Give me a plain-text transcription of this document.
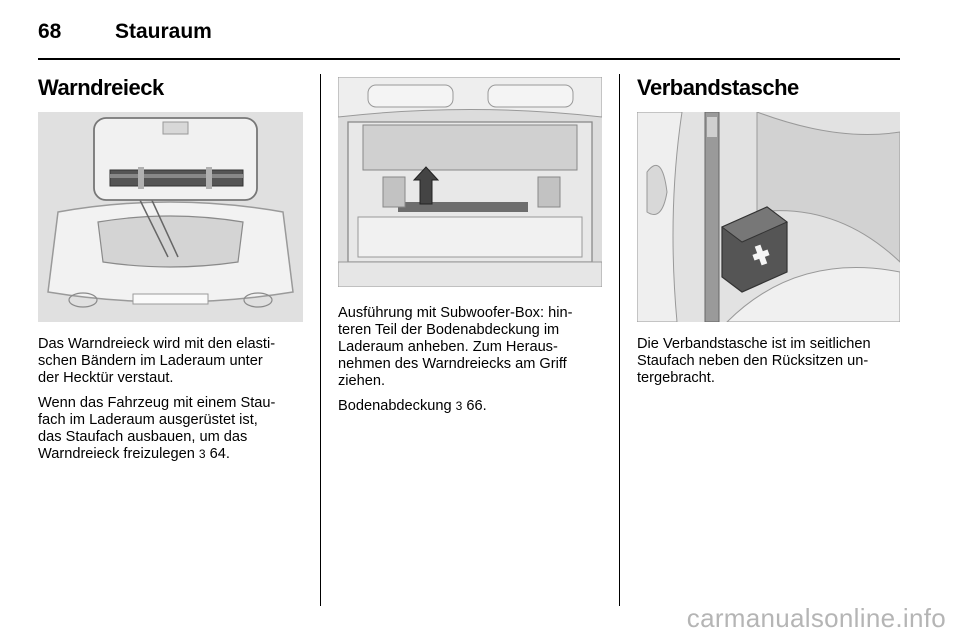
68	Stauraum
Warndreieck

Das Warndreieck wird mit den elasti-
schen Bändern im Laderaum unter
der Hecktür verstaut.

Wenn das Fahrzeug mit einem Stau-
fach im Laderaum ausgerüstet ist,
das Staufach ausbauen, um das
Warndreieck freizulegen 3 64.

Ausführung mit Subwoofer-Box: hin-
teren Teil der Bodenabdeckung im
Laderaum anheben. Zum Heraus-
nehmen des Warndreiecks am Griff
ziehen.

Bodenabdeckung 3 66.

Verbandstasche

Die Verbandstasche ist im seitlichen
Staufach neben den Rücksitzen un-
tergebracht.

carmanualsonline.info
